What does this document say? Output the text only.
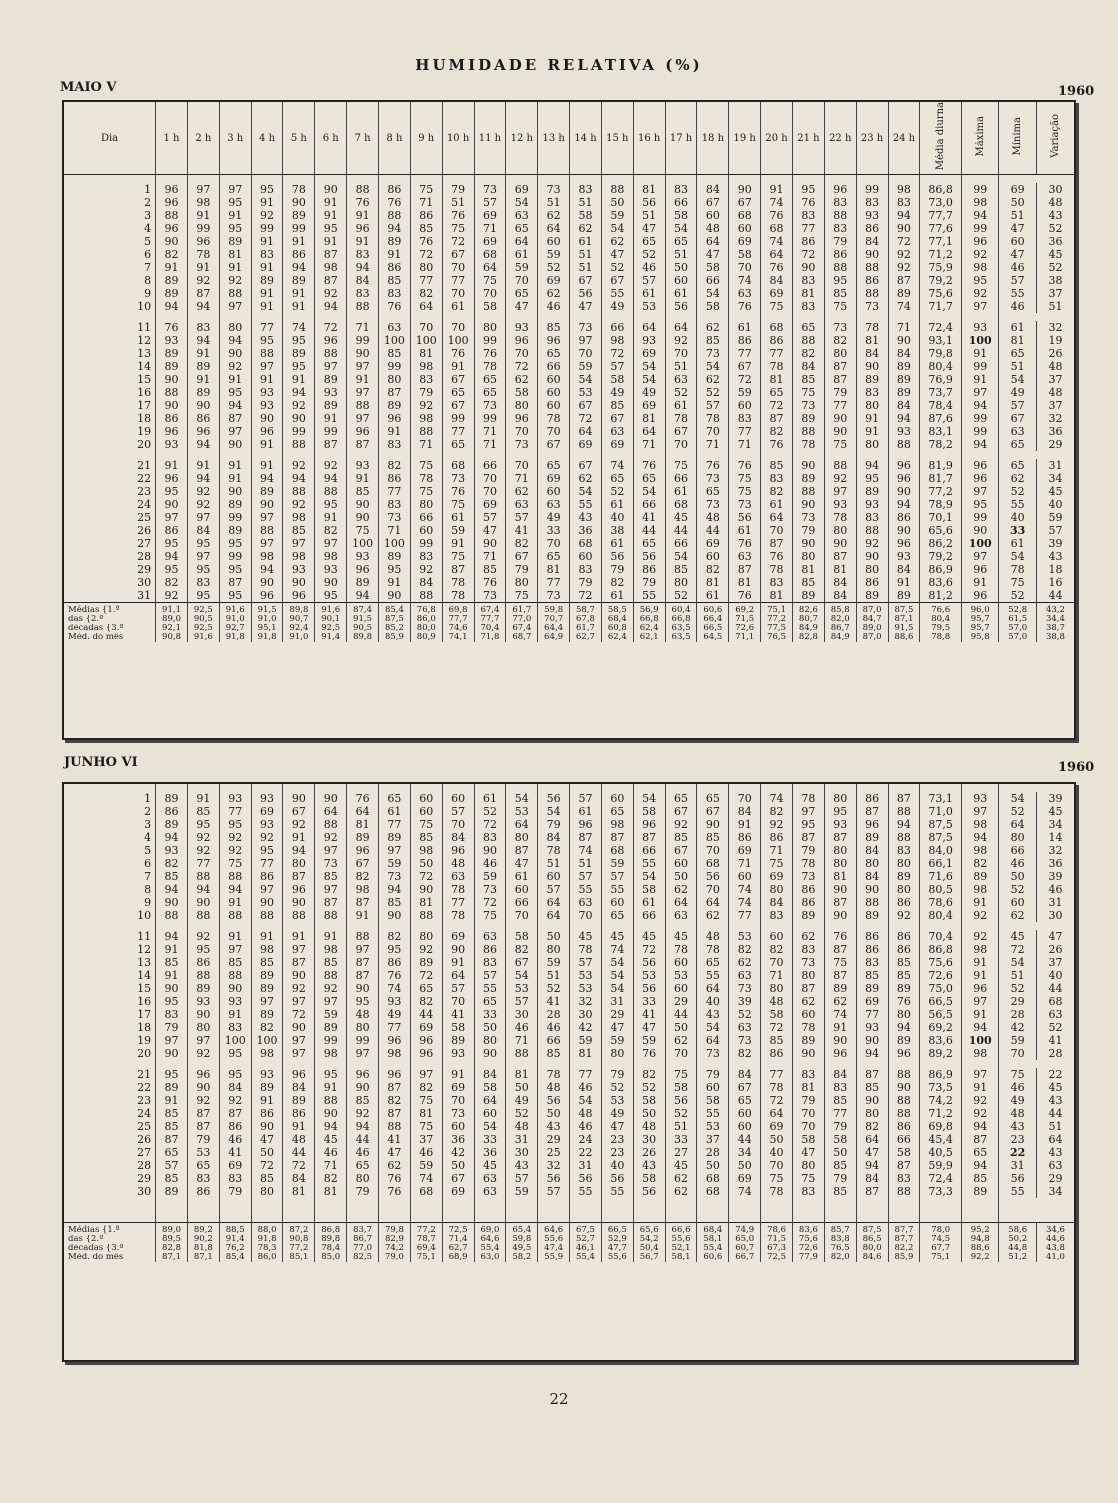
HUMIDADE RELATIVA (%)
MAIO V	1960
Dia	1 h	2 h	3 h	4 h	5 h	6 h	7 h	8 h	9 h	10 h	11 h	12 h	13 h	14 h	15 h	16 h	17 h	18 h	19 h	20 h	21 h	22 h	23 h	24 h	Média diurna	Máxima	Mínima	Variação

1	96	97	97	95	78	90	88	86	75	79	73	69	73	83	88	81	83	84	90	91	95	96	99	98	86,8	99	69	30
2	96	98	95	91	90	91	76	76	71	51	57	54	51	51	50	56	66	67	67	74	76	83	83	83	73,0	98	50	48
3	88	91	91	92	89	91	91	88	86	76	69	63	62	58	59	51	58	60	68	76	83	88	93	94	77,7	94	51	43
4	96	99	95	99	99	95	96	94	85	75	71	65	64	62	54	47	54	48	60	68	77	83	86	90	77,6	99	47	52
5	90	96	89	91	91	91	91	89	76	72	69	64	60	61	62	65	65	64	69	74	86	79	84	72	77,1	96	60	36
6	82	78	81	83	86	87	83	91	72	67	68	61	59	51	47	52	51	47	58	64	72	86	90	92	71,2	92	47	45
7	91	91	91	91	94	98	94	86	80	70	64	59	52	51	52	46	50	58	70	76	90	88	88	92	75,9	98	46	52
8	89	92	92	89	89	87	84	85	77	77	75	70	69	67	67	57	60	66	74	84	83	95	86	87	79,2	95	57	38
9	89	87	88	91	91	92	83	83	82	70	70	65	62	56	55	61	61	54	63	69	81	85	88	89	75,6	92	55	37
10	94	94	97	91	91	94	88	76	64	61	58	47	46	47	49	53	56	58	76	75	83	75	73	74	71,7	97	46	51

11	76	83	80	77	74	72	71	63	70	70	80	93	85	73	66	64	64	62	61	68	65	73	78	71	72,4	93	61	32
12	93	94	94	95	95	96	99	100	100	100	99	96	96	97	98	93	92	85	86	86	88	82	81	90	93,1	100	81	19
13	89	91	90	88	89	88	90	85	81	76	76	70	65	70	72	69	70	73	77	77	82	80	84	84	79,8	91	65	26
14	89	89	92	97	95	97	97	99	98	91	78	72	66	59	57	54	51	54	67	78	84	87	90	89	80,4	99	51	48
15	90	91	91	91	91	89	91	80	83	67	65	62	60	54	58	54	63	62	72	81	85	87	89	89	76,9	91	54	37
16	88	89	95	93	94	93	97	87	79	65	65	58	60	53	49	49	52	52	59	65	75	79	83	89	73,7	97	49	48
17	90	90	94	93	92	89	88	89	92	67	73	80	60	67	85	69	61	57	60	72	73	77	80	84	78,4	94	57	37
18	86	86	87	90	90	91	97	96	98	99	99	96	78	72	67	81	78	78	83	87	89	90	91	94	87,6	99	67	32
19	96	96	97	96	99	99	96	91	88	77	71	70	70	64	63	64	67	70	77	82	88	90	91	93	83,1	99	63	36
20	93	94	90	91	88	87	87	83	71	65	71	73	67	69	69	71	70	71	71	76	78	75	80	88	78,2	94	65	29

21	91	91	91	91	92	92	93	82	75	68	66	70	65	67	74	76	75	76	76	85	90	88	94	96	81,9	96	65	31
22	96	94	91	94	94	94	91	86	78	73	70	71	69	62	65	65	66	73	75	83	89	92	95	96	81,7	96	62	34
23	95	92	90	89	88	88	85	77	75	76	70	62	60	54	52	54	61	65	75	82	88	97	89	90	77,2	97	52	45
24	90	92	89	90	92	95	90	83	80	75	69	63	63	55	61	66	68	73	73	61	90	93	93	94	78,9	95	55	40
25	97	97	99	97	98	91	90	73	66	61	57	57	49	43	40	41	45	48	56	64	73	78	83	86	70,1	99	40	59
26	86	84	89	88	85	82	75	71	60	59	47	41	33	36	38	44	44	44	61	70	79	80	88	90	65,6	90	33	57
27	95	95	95	97	97	97	100	100	99	91	90	82	70	68	61	65	66	69	76	87	90	90	92	96	86,2	100	61	39
28	94	97	99	98	98	98	93	89	83	75	71	67	65	60	56	56	54	60	63	76	80	87	90	93	79,2	97	54	43
29	95	95	95	94	93	93	96	95	92	87	85	79	81	83	79	86	85	82	87	78	81	81	80	84	86,9	96	78	18
30	82	83	87	90	90	90	89	91	84	78	76	80	77	79	82	79	80	81	81	83	85	84	86	91	83,6	91	75	16
31	92	95	95	96	96	95	94	90	88	78	73	75	73	72	61	55	52	61	76	81	89	84	89	89	81,2	96	52	44
Médias {1.ª	91,1	92,5	91,6	91,5	89,8	91,6	87,4	85,4	76,8	69,8	67,4	61,7	59,8	58,7	58,5	56,9	60,4	60,6	69,2	75,1	82,6	85,8	87,0	87,5	76,6	96,0	52,8	43,2
das {2.ª	89,0	90,5	91,0	91,0	90,7	90,1	91,5	87,5	86,0	77,7	77,7	77,0	70,7	67,8	68,4	66,8	66,8	66,4	71,5	77,2	80,7	82,0	84,7	87,1	80,4	95,7	61,5	34,4
décadas {3.ª	92,1	92,5	92,7	95,1	92,4	92,5	90,5	85,2	80,0	74,6	70,4	67,4	64,4	61,7	60,8	62,4	63,5	66,5	72,6	77,5	84,9	86,7	89,0	91,5	79,5	95,7	57,0	38,7
Méd. do mês	90,8	91,6	91,8	91,8	91,0	91,4	89,8	85,9	80,9	74,1	71,8	68,7	64,9	62,7	62,4	62,1	63,5	64,5	71,1	76,5	82,8	84,9	87,0	88,6	78,8	95,8	57,0	38,8
JUNHO VI	1960

1	89	91	93	93	90	90	76	65	60	60	61	54	56	57	60	54	65	65	70	74	78	80	86	87	73,1	93	54	39
2	86	85	77	69	67	64	64	61	60	57	52	53	54	61	65	58	67	67	84	82	97	95	87	88	71,0	97	52	45
3	89	95	95	93	92	88	81	77	75	70	72	64	79	96	98	96	92	90	91	92	95	93	96	94	87,5	98	64	34
4	94	92	92	92	91	92	89	89	85	84	83	80	84	87	87	87	85	85	86	86	87	87	89	88	87,5	94	80	14
5	93	92	92	95	94	97	96	97	98	96	90	87	78	74	68	66	67	70	69	71	79	80	84	83	84,0	98	66	32
6	82	77	75	77	80	73	67	59	50	48	46	47	51	51	59	55	60	68	71	75	78	80	80	80	66,1	82	46	36
7	85	88	88	86	87	85	82	73	72	63	59	61	60	57	57	54	50	56	60	69	73	81	84	89	71,6	89	50	39
8	94	94	94	97	96	97	98	94	90	78	73	60	57	55	55	58	62	70	74	80	86	90	90	80	80,5	98	52	46
9	90	90	91	90	90	87	87	85	81	77	72	66	64	63	60	61	64	64	74	84	86	87	88	86	78,6	91	60	31
10	88	88	88	88	88	88	91	90	88	78	75	70	64	70	65	66	63	62	77	83	89	90	89	92	80,4	92	62	30

11	94	92	91	91	91	91	88	82	80	69	63	58	50	45	45	45	45	48	53	60	62	76	86	86	70,4	92	45	47
12	91	95	97	98	97	98	97	95	92	90	86	82	80	78	74	72	78	78	82	82	83	87	86	86	86,8	98	72	26
13	85	86	85	85	87	85	87	86	89	91	83	67	59	57	54	56	60	65	62	70	73	75	83	85	75,6	91	54	37
14	91	88	88	89	90	88	87	76	72	64	57	54	51	53	54	53	53	55	63	71	80	87	85	85	72,6	91	51	40
15	90	89	90	89	92	92	90	74	65	57	55	53	52	53	54	56	60	64	73	80	87	89	89	89	75,0	96	52	44
16	95	93	93	97	97	97	95	93	82	70	65	57	41	32	31	33	29	40	39	48	62	62	69	76	66,5	97	29	68
17	83	90	91	89	72	59	48	49	44	41	33	30	28	30	29	41	44	43	52	58	60	74	77	80	56,5	91	28	63
18	79	80	83	82	90	89	80	77	69	58	50	46	46	42	47	47	50	54	63	72	78	91	93	94	69,2	94	42	52
19	97	97	100	100	97	99	99	96	96	89	80	71	66	59	59	59	62	64	73	85	89	90	90	89	83,6	100	59	41
20	90	92	95	98	97	98	97	98	96	93	90	88	85	81	80	76	70	73	82	86	90	96	94	96	89,2	98	70	28

21	95	96	95	93	96	95	96	96	97	91	84	81	78	77	79	82	75	79	84	77	83	84	87	88	86,9	97	75	22
22	89	90	84	89	84	91	90	87	82	69	58	50	48	46	52	52	58	60	67	78	81	83	85	90	73,5	91	46	45
23	91	92	92	91	89	88	85	82	75	70	64	49	56	54	53	58	56	58	65	72	79	85	90	88	74,2	92	49	43
24	85	87	87	86	86	90	92	87	81	73	60	52	50	48	49	50	52	55	60	64	70	77	80	88	71,2	92	48	44
25	85	87	86	90	91	94	94	88	75	60	54	48	43	46	47	48	51	53	60	69	70	79	82	86	69,8	94	43	51
26	87	79	46	47	48	45	44	41	37	36	33	31	29	24	23	30	33	37	44	50	58	58	64	66	45,4	87	23	64
27	65	53	41	50	44	46	46	47	46	42	36	30	25	22	23	26	27	28	34	40	47	50	47	58	40,5	65	22	43
28	57	65	69	72	72	71	65	62	59	50	45	43	32	31	40	43	45	50	50	70	80	85	94	87	59,9	94	31	63
29	85	83	83	85	84	82	80	76	74	67	63	57	56	56	56	58	62	68	69	75	75	79	84	83	72,4	85	56	29
30	89	86	79	80	81	81	79	76	68	69	63	59	57	55	55	56	62	68	74	78	83	85	87	88	73,3	89	55	34

Médias {1.ª	89,0	89,2	88,5	88,0	87,2	86,8	83,7	79,8	77,2	72,5	69,0	65,4	64,6	67,5	66,5	65,6	66,6	68,4	74,9	78,6	83,6	85,7	87,5	87,7	78,0	95,2	58,6	34,6
das {2.ª	89,5	90,2	91,4	91,8	90,8	89,8	86,7	82,9	78,7	71,4	64,6	59,8	55,6	52,7	52,9	54,2	55,6	58,1	65,0	71,5	75,6	83,8	86,5	87,7	74,5	94,8	50,2	44,6
décadas {3.ª	82,8	81,8	76,2	78,3	77,2	78,4	77,0	74,2	69,4	62,7	55,4	49,5	47,4	46,1	47,7	50,4	52,1	55,4	60,7	67,3	72,6	76,5	80,0	82,2	67,7	88,6	44,8	43,8
Méd. do mês	87,1	87,1	85,4	86,0	85,1	85,0	82,5	79,0	75,1	68,9	63,0	58,2	55,9	55,4	55,6	56,7	58,1	60,6	66,7	72,5	77,9	82,0	84,6	85,9	75,1	92,2	51,2	41,0
22
